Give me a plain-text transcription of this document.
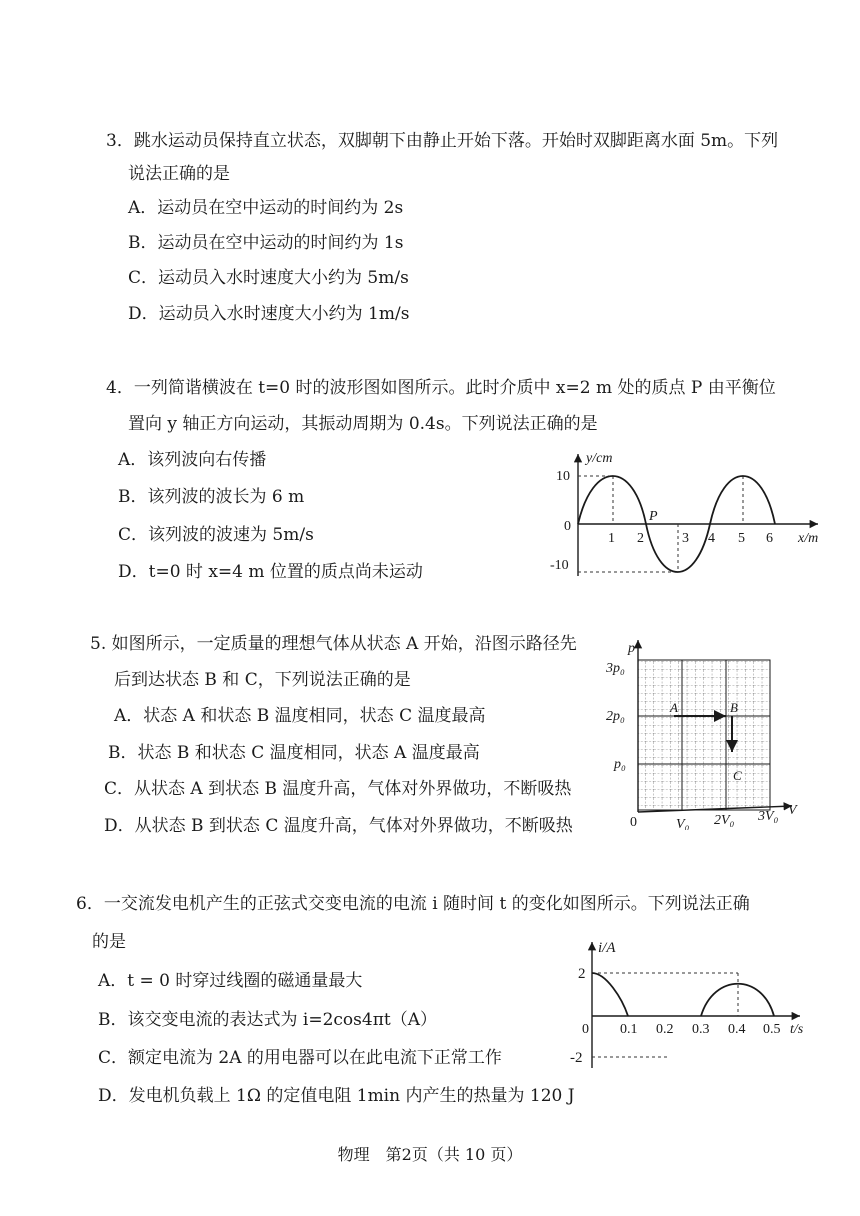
3．跳水运动员保持直立状态，双脚朝下由静止开始下落。开始时双脚距离水面 5m。下列
说法正确的是
A．运动员在空中运动的时间约为 2s
B．运动员在空中运动的时间约为 1s
C．运动员入水时速度大小约为 5m/s
D．运动员入水时速度大小约为 1m/s
4．一列简谐横波在 t=0 时的波形图如图所示。此时介质中 x=2 m 处的质点 P 由平衡位
置向 y 轴正方向运动，其振动周期为 0.4s。下列说法正确的是
A．该列波向右传播
B．该列波的波长为 6 m
C．该列波的波速为 5m/s
D．t=0 时 x=4 m 位置的质点尚未运动
y/cm
x/m
0
10
-10
1 2	3 4 5 6
P
5. 如图所示，一定质量的理想气体从状态 A 开始，沿图示路径先
后到达状态 B 和 C，下列说法正确的是
A．状态 A 和状态 B 温度相同，状态 C 温度最高
B．状态 B 和状态 C 温度相同，状态 A 温度最高
C．从状态 A 到状态 B 温度升高，气体对外界做功，不断吸热
D．从状态 B 到状态 C 温度升高，气体对外界做功，不断吸热
p
V
0
3p₀
2p₀
p₀
V₀ 2V₀ 3V₀
A	B
C
6．一交流发电机产生的正弦式交变电流的电流 i 随时间 t 的变化如图所示。下列说法正确
的是
A．t = 0 时穿过线圈的磁通量最大
B．该交变电流的表达式为 i=2cos4πt（A）
C．额定电流为 2A 的用电器可以在此电流下正常工作
D．发电机负载上 1Ω 的定值电阻 1min 内产生的热量为 120 J
i/A
t/s
0
2
-2
0.1 0.2 0.3 0.4 0.5
物理　第2页（共 10 页）
